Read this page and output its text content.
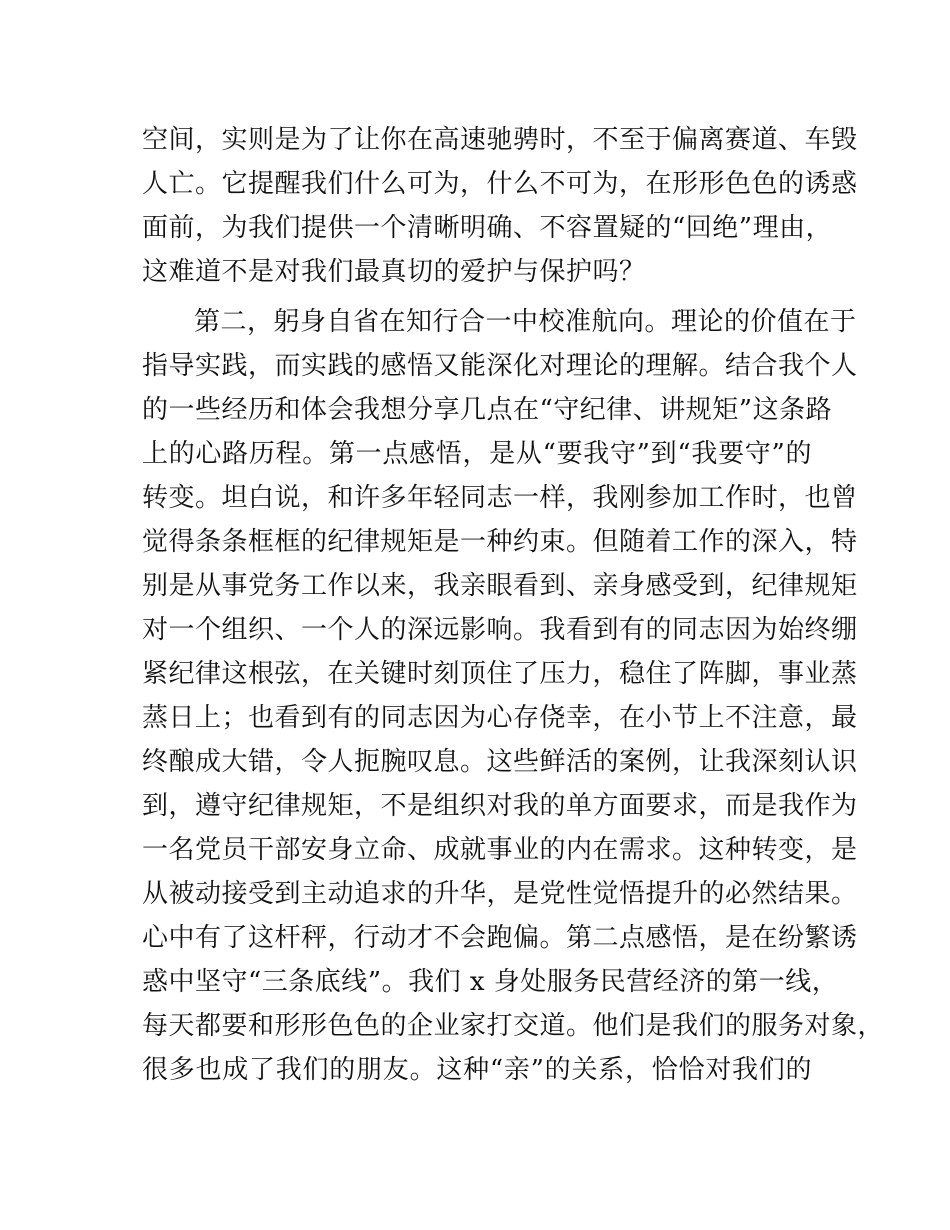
空间，实则是为了让你在高速驰骋时，不至于偏离赛道、车毁
人亡。它提醒我们什么可为，什么不可为，在形形色色的诱惑
面前，为我们提供一个清晰明确、不容置疑的“回绝”理由，
这难道不是对我们最真切的爱护与保护吗？
第二，躬身自省在知行合一中校准航向。理论的价值在于
指导实践，而实践的感悟又能深化对理论的理解。结合我个人
的一些经历和体会我想分享几点在“守纪律、讲规矩”这条路
上的心路历程。第一点感悟，是从“要我守”到“我要守”的
转变。坦白说，和许多年轻同志一样，我刚参加工作时，也曾
觉得条条框框的纪律规矩是一种约束。但随着工作的深入，特
别是从事党务工作以来，我亲眼看到、亲身感受到，纪律规矩
对一个组织、一个人的深远影响。我看到有的同志因为始终绷
紧纪律这根弦，在关键时刻顶住了压力，稳住了阵脚，事业蒸
蒸日上；也看到有的同志因为心存侥幸，在小节上不注意，最
终酿成大错，令人扼腕叹息。这些鲜活的案例，让我深刻认识
到，遵守纪律规矩，不是组织对我的单方面要求，而是我作为
一名党员干部安身立命、成就事业的内在需求。这种转变，是
从被动接受到主动追求的升华，是党性觉悟提升的必然结果。
心中有了这杆秤，行动才不会跑偏。第二点感悟，是在纷繁诱
惑中坚守“三条底线”。我们 x 身处服务民营经济的第一线，
每天都要和形形色色的企业家打交道。他们是我们的服务对象，
很多也成了我们的朋友。这种“亲”的关系，恰恰对我们的
